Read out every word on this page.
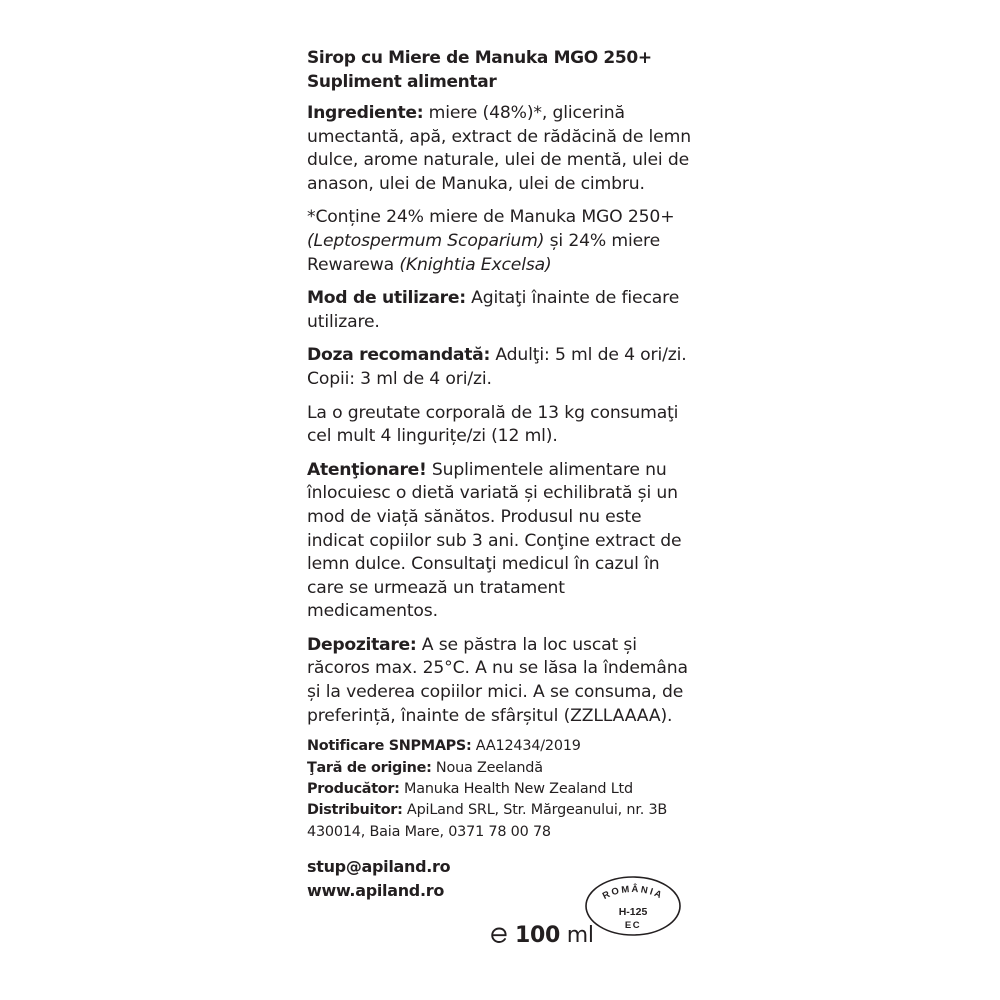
Sirop cu Miere de Manuka MGO 250+
Supliment alimentar

Ingrediente: miere (48%)*, glicerină
umectantă, apă, extract de rădăcină de lemn
dulce, arome naturale, ulei de mentă, ulei de
anason, ulei de Manuka, ulei de cimbru.

*Conține 24% miere de Manuka MGO 250+
(Leptospermum Scoparium) și 24% miere
Rewarewa (Knightia Excelsa)

Mod de utilizare: Agitaţi înainte de fiecare
utilizare.

Doza recomandată: Adulţi: 5 ml de 4 ori/zi.
Copii: 3 ml de 4 ori/zi.

La o greutate corporală de 13 kg consumaţi
cel mult 4 lingurițe/zi (12 ml).

Atenţionare! Suplimentele alimentare nu
înlocuiesc o dietă variată și echilibrată și un
mod de viață sănătos. Produsul nu este
indicat copiilor sub 3 ani. Conţine extract de
lemn dulce. Consultaţi medicul în cazul în
care se urmează un tratament
medicamentos.

Depozitare: A se păstra la loc uscat și
răcoros max. 25°C. A nu se lăsa la îndemâna
și la vederea copiilor mici. A se consuma, de
preferință, înainte de sfârșitul (ZZLLAAAA).

Notificare SNPMAPS: AA12434/2019
Ţară de origine: Noua Zeelandă
Producător: Manuka Health New Zealand Ltd
Distribuitor: ApiLand SRL, Str. Mărgeanului, nr. 3B
430014, Baia Mare, 0371 78 00 78

stup@apiland.ro
www.apiland.ro	ROMÂNIA
H-125
EC
100 ml
